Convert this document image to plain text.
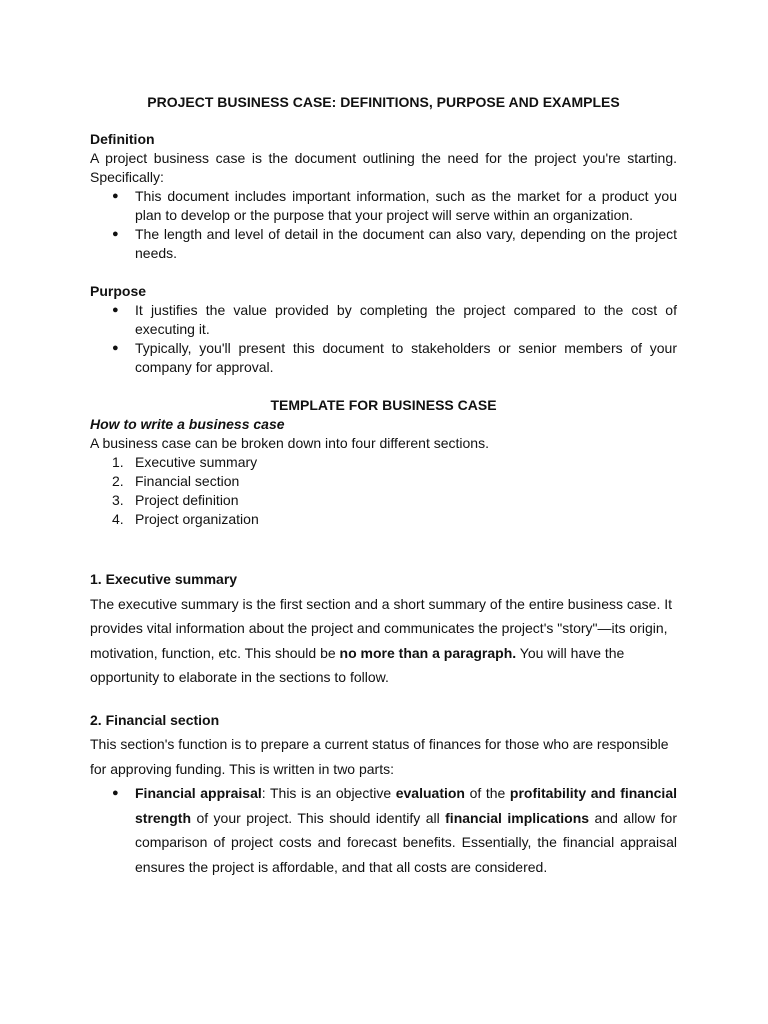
PROJECT BUSINESS CASE: DEFINITIONS, PURPOSE AND EXAMPLES

Definition

A project business case is the document outlining the need for the project you're starting. Specifically:

● This document includes important information, such as the market for a product you plan to develop or the purpose that your project will serve within an organization.
● The length and level of detail in the document can also vary, depending on the project needs.

Purpose

● It justifies the value provided by completing the project compared to the cost of executing it.
● Typically, you'll present this document to stakeholders or senior members of your company for approval.

TEMPLATE FOR BUSINESS CASE

How to write a business case

A business case can be broken down into four different sections.

1. Executive summary
2. Financial section
3. Project definition
4. Project organization

1. Executive summary

The executive summary is the first section and a short summary of the entire business case. It provides vital information about the project and communicates the project's "story"—its origin, motivation, function, etc. This should be no more than a paragraph. You will have the opportunity to elaborate in the sections to follow.

2. Financial section

This section's function is to prepare a current status of finances for those who are responsible for approving funding. This is written in two parts:

● Financial appraisal: This is an objective evaluation of the profitability and financial strength of your project. This should identify all financial implications and allow for comparison of project costs and forecast benefits. Essentially, the financial appraisal ensures the project is affordable, and that all costs are considered.
